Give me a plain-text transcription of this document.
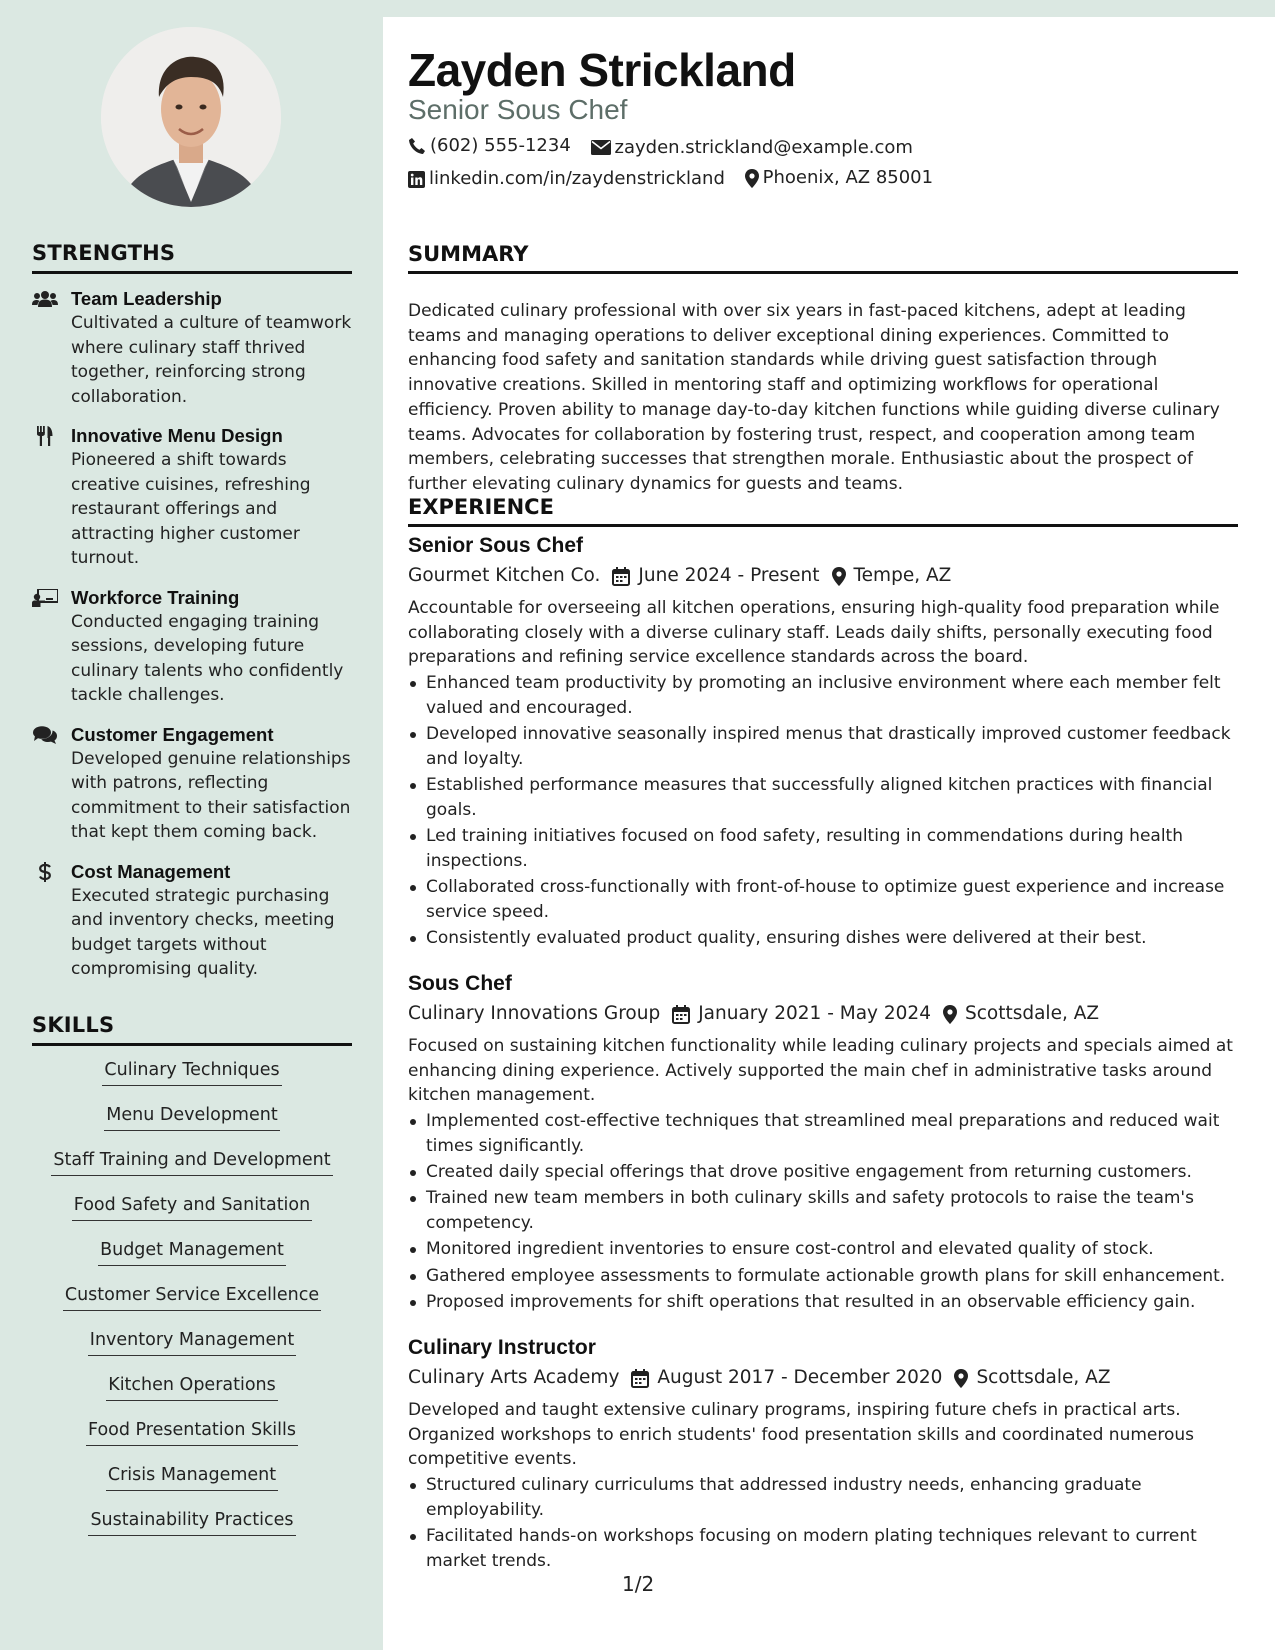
STRENGTHS
Team Leadership
Cultivated a culture of teamwork where culinary staff thrived together, reinforcing strong collaboration.
Innovative Menu Design
Pioneered a shift towards creative cuisines, refreshing restaurant offerings and attracting higher customer turnout.
Workforce Training
Conducted engaging training sessions, developing future culinary talents who confidently tackle challenges.
Customer Engagement
Developed genuine relationships with patrons, reflecting commitment to their satisfaction that kept them coming back.
Cost Management
Executed strategic purchasing and inventory checks, meeting budget targets without compromising quality.
SKILLS
Culinary Techniques
Menu Development
Staff Training and Development
Food Safety and Sanitation
Budget Management
Customer Service Excellence
Inventory Management
Kitchen Operations
Food Presentation Skills
Crisis Management
Sustainability Practices
Zayden Strickland
Senior Sous Chef
(602) 555-1234
zayden.strickland@example.com
linkedin.com/in/zaydenstrickland
Phoenix, AZ 85001
SUMMARY
Dedicated culinary professional with over six years in fast-paced kitchens, adept at leading teams and managing operations to deliver exceptional dining experiences. Committed to enhancing food safety and sanitation standards while driving guest satisfaction through innovative creations. Skilled in mentoring staff and optimizing workflows for operational efficiency. Proven ability to manage day-to-day kitchen functions while guiding diverse culinary teams. Advocates for collaboration by fostering trust, respect, and cooperation among team members, celebrating successes that strengthen morale. Enthusiastic about the prospect of further elevating culinary dynamics for guests and teams.
EXPERIENCE
Senior Sous Chef
Gourmet Kitchen Co. June 2024 - Present Tempe, AZ
Accountable for overseeing all kitchen operations, ensuring high-quality food preparation while collaborating closely with a diverse culinary staff. Leads daily shifts, personally executing food preparations and refining service excellence standards across the board.
Enhanced team productivity by promoting an inclusive environment where each member felt valued and encouraged.
Developed innovative seasonally inspired menus that drastically improved customer feedback and loyalty.
Established performance measures that successfully aligned kitchen practices with financial goals.
Led training initiatives focused on food safety, resulting in commendations during health inspections.
Collaborated cross-functionally with front-of-house to optimize guest experience and increase service speed.
Consistently evaluated product quality, ensuring dishes were delivered at their best.
Sous Chef
Culinary Innovations Group January 2021 - May 2024 Scottsdale, AZ
Focused on sustaining kitchen functionality while leading culinary projects and specials aimed at enhancing dining experience. Actively supported the main chef in administrative tasks around kitchen management.
Implemented cost-effective techniques that streamlined meal preparations and reduced wait times significantly.
Created daily special offerings that drove positive engagement from returning customers.
Trained new team members in both culinary skills and safety protocols to raise the team's competency.
Monitored ingredient inventories to ensure cost-control and elevated quality of stock.
Gathered employee assessments to formulate actionable growth plans for skill enhancement.
Proposed improvements for shift operations that resulted in an observable efficiency gain.
Culinary Instructor
Culinary Arts Academy August 2017 - December 2020 Scottsdale, AZ
Developed and taught extensive culinary programs, inspiring future chefs in practical arts. Organized workshops to enrich students' food presentation skills and coordinated numerous competitive events.
Structured culinary curriculums that addressed industry needs, enhancing graduate employability.
Facilitated hands-on workshops focusing on modern plating techniques relevant to current market trends.
1/2
